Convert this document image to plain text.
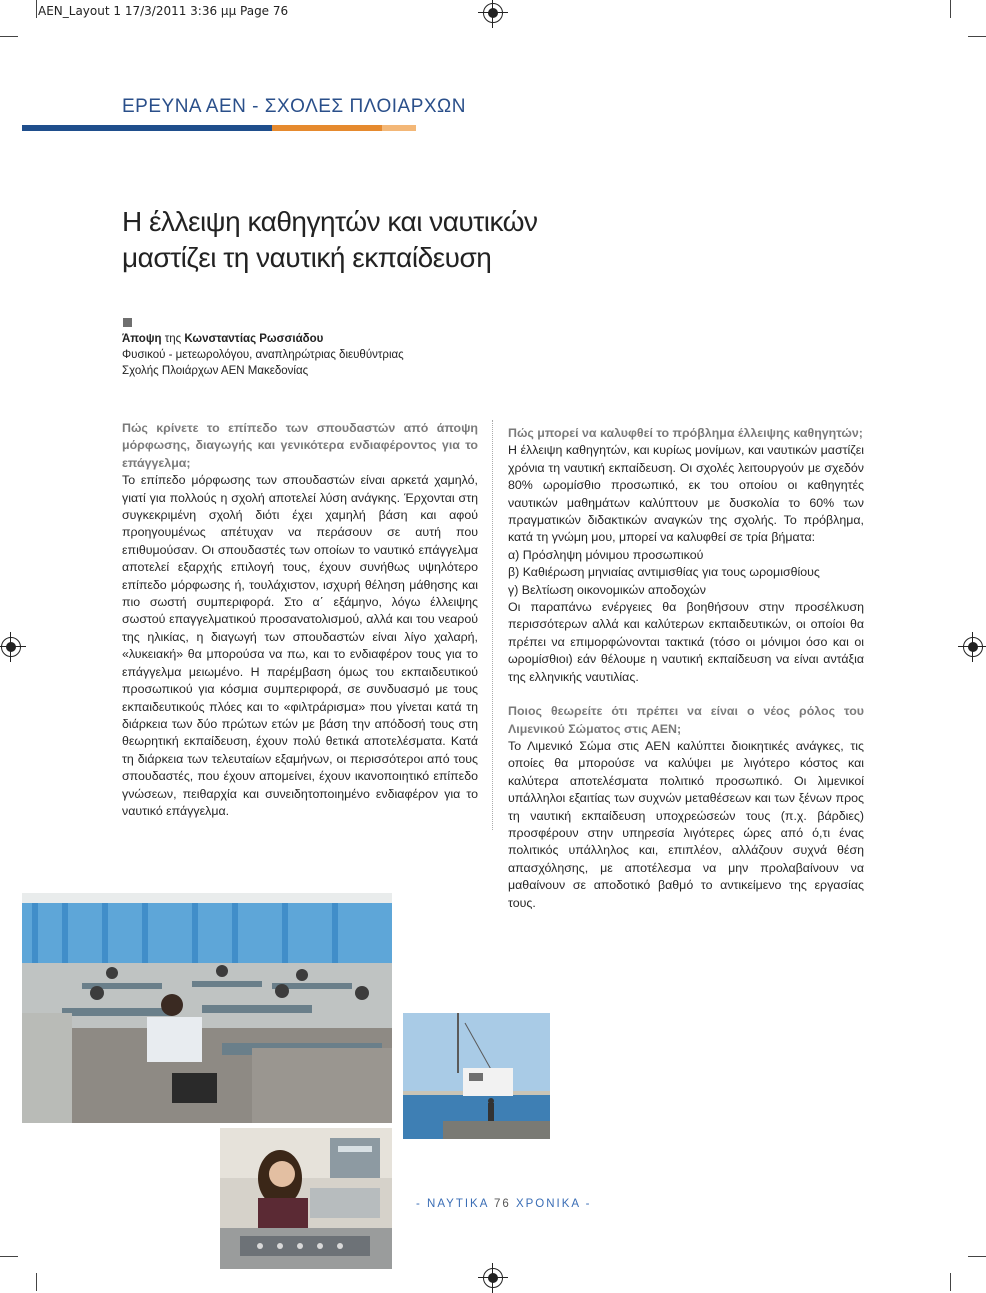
AEN_Layout 1 17/3/2011 3:36 μμ Page 76
ΕΡΕΥΝΑ ΑΕΝ - ΣΧΟΛΕΣ ΠΛΟΙΑΡΧΩΝ
Η έλλειψη καθηγητών και ναυτικών
μαστίζει τη ναυτική εκπαίδευση
Άποψη της Κωνσταντίας Ρωσσιάδου
Φυσικού - μετεωρολόγου, αναπληρώτριας διευθύντριας
Σχολής Πλοιάρχων ΑΕΝ Μακεδονίας

Πώς κρίνετε το επίπεδο των σπουδαστών από άποψη μόρφωσης, διαγωγής και γενικότερα ενδιαφέροντος για το επάγγελμα;

Το επίπεδο μόρφωσης των σπουδαστών είναι αρκετά χαμηλό, γιατί για πολλούς η σχολή αποτελεί λύση ανάγκης. Έρχονται στη συγκεκριμένη σχολή διότι έχει χαμηλή βάση και αφού προηγουμένως απέτυχαν να περάσουν σε αυτή που επιθυμούσαν. Οι σπουδαστές των οποίων το ναυτικό επάγγελμα αποτελεί εξαρχής επιλογή τους, έχουν συνήθως υψηλότερο επίπεδο μόρφωσης ή, τουλάχιστον, ισχυρή θέληση μάθησης και πιο σωστή συμπεριφορά. Στο α΄ εξάμηνο, λόγω έλλειψης σωστού επαγγελματικού προσανατολισμού, αλλά και του νεαρού της ηλικίας, η διαγωγή των σπουδαστών είναι λίγο χαλαρή, «λυκειακή» θα μπορούσα να πω, και το ενδιαφέρον τους για το επάγγελμα μειωμένο. Η παρέμβαση όμως του εκπαιδευτικού προσωπικού για κόσμια συμπεριφορά, σε συνδυασμό με τους εκπαιδευτικούς πλόες και το «φιλτράρισμα» που γίνεται κατά τη διάρκεια των δύο πρώτων ετών με βάση την απόδοσή τους στη θεωρητική εκπαίδευση, έχουν πολύ θετικά αποτελέσματα. Κατά τη διάρκεια των τελευταίων εξαμήνων, οι περισσότεροι από τους σπουδαστές, που έχουν απομείνει, έχουν ικανοποιητικό επίπεδο γνώσεων, πειθαρχία και συνειδητοποιημένο ενδιαφέρον για το ναυτικό επάγγελμα.

Πώς μπορεί να καλυφθεί το πρόβλημα έλλειψης καθηγητών;

Η έλλειψη καθηγητών, και κυρίως μονίμων, και ναυτικών μαστίζει χρόνια τη ναυτική εκπαίδευση. Οι σχολές λειτουργούν με σχεδόν 80% ωρομίσθιο προσωπικό, εκ του οποίου οι καθηγητές ναυτικών μαθημάτων καλύπτουν με δυσκολία το 60% των πραγματικών διδακτικών αναγκών της σχολής. Το πρόβλημα, κατά τη γνώμη μου, μπορεί να καλυφθεί σε τρία βήματα:

α) Πρόσληψη μόνιμου προσωπικού

β) Καθιέρωση μηνιαίας αντιμισθίας για τους ωρομισθίους

γ) Βελτίωση οικονομικών αποδοχών

Οι παραπάνω ενέργειες θα βοηθήσουν στην προσέλκυση περισσότερων αλλά και καλύτερων εκπαιδευτικών, οι οποίοι θα πρέπει να επιμορφώνονται τακτικά (τόσο οι μόνιμοι όσο και οι ωρομίσθιοι) εάν θέλουμε η ναυτική εκπαίδευση να είναι αντάξια της ελληνικής ναυτιλίας.

Ποιος θεωρείτε ότι πρέπει να είναι ο νέος ρόλος του Λιμενικού Σώματος στις ΑΕΝ;

Το Λιμενικό Σώμα στις ΑΕΝ καλύπτει διοικητικές ανάγκες, τις οποίες θα μπορούσε να καλύψει με λιγότερο κόστος και καλύτερα αποτελέσματα πολιτικό προσωπικό. Οι λιμενικοί υπάλληλοι εξαιτίας των συχνών μεταθέσεων και των ξένων προς τη ναυτική εκπαίδευση υποχρεώσεών τους (π.χ. βάρδιες) προσφέρουν στην υπηρεσία λιγότερες ώρες από ό,τι ένας πολιτικός υπάλληλος και, επιπλέον, αλλάζουν συχνά θέση απασχόλησης, με αποτέλεσμα να μην προλαβαίνουν να μαθαίνουν σε αποδοτικό βαθμό το αντικείμενο της εργασίας τους.

- ΝΑΥΤΙΚΑ 76 ΧΡΟΝΙΚΑ -
